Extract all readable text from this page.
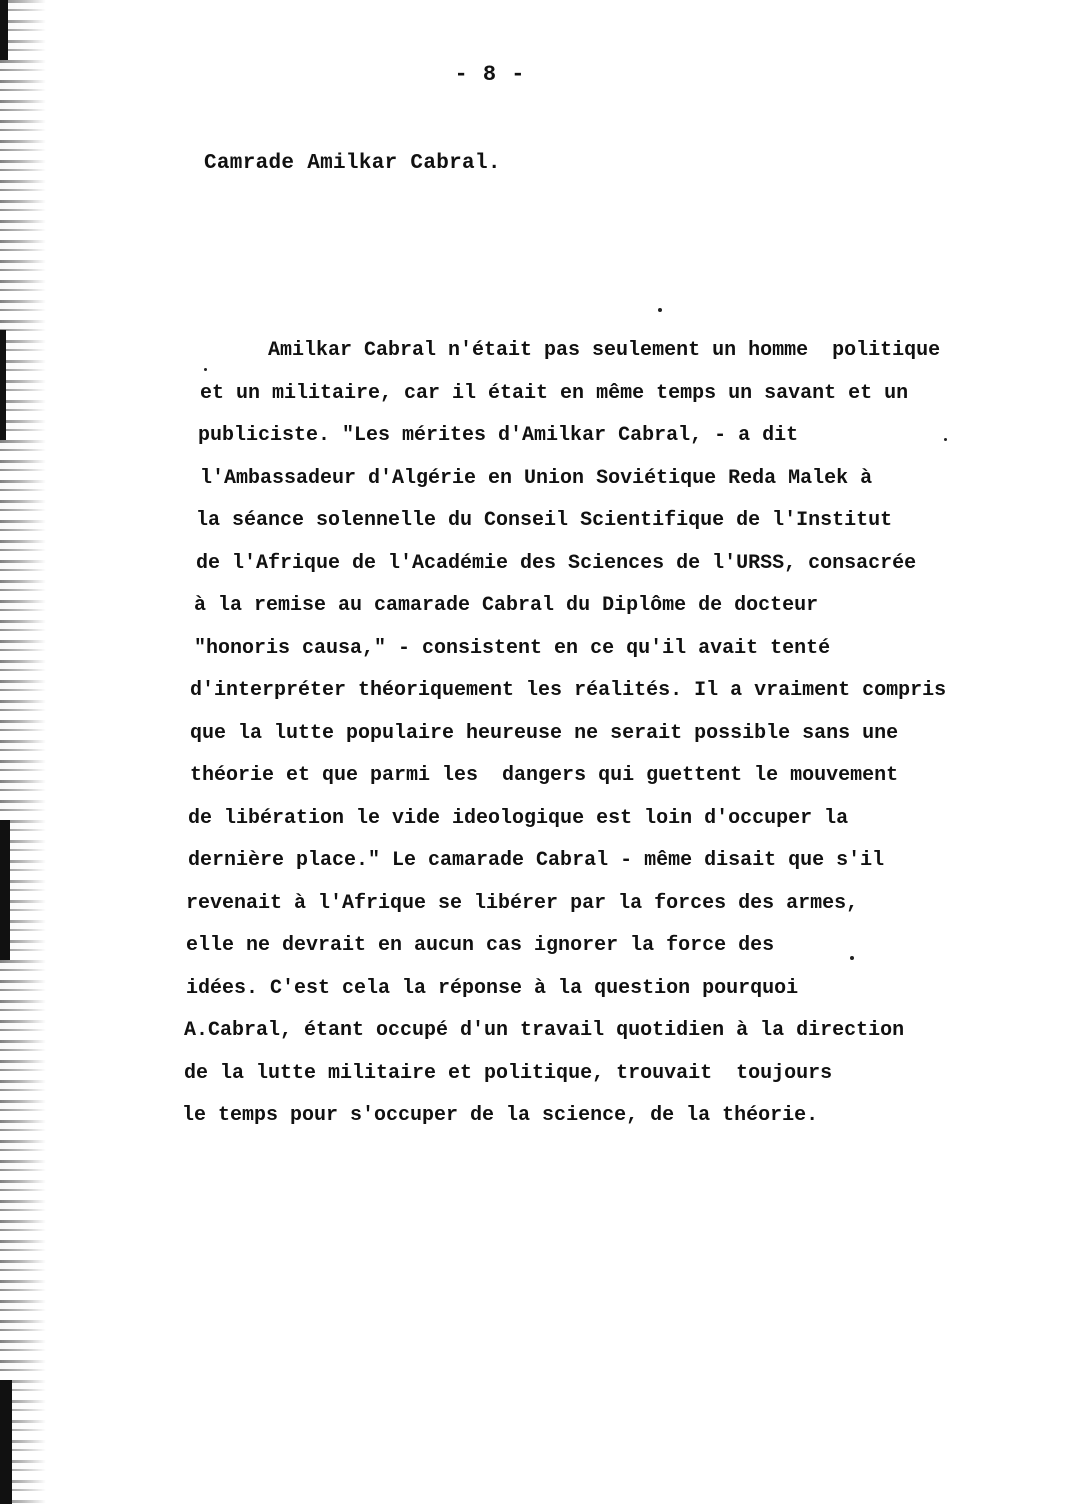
- 8 -
Camrade Amilkar Cabral.
Amilkar Cabral n'était pas seulement un homme  politique
et un militaire, car il était en même temps un savant et un
publiciste. "Les mérites d'Amilkar Cabral, - a dit
l'Ambassadeur d'Algérie en Union Soviétique Reda Malek à
la séance solennelle du Conseil Scientifique de l'Institut
de l'Afrique de l'Académie des Sciences de l'URSS, consacrée
à la remise au camarade Cabral du Diplôme de docteur
"honoris causa," - consistent en ce qu'il avait tenté
d'interpréter théoriquement les réalités. Il a vraiment compris
que la lutte populaire heureuse ne serait possible sans une
théorie et que parmi les  dangers qui guettent le mouvement
de libération le vide ideologique est loin d'occuper la
dernière place." Le camarade Cabral - même disait que s'il
revenait à l'Afrique se libérer par la forces des armes,
elle ne devrait en aucun cas ignorer la force des
idées. C'est cela la réponse à la question pourquoi
A.Cabral, étant occupé d'un travail quotidien à la direction
de la lutte militaire et politique, trouvait  toujours
le temps pour s'occuper de la science, de la théorie.
